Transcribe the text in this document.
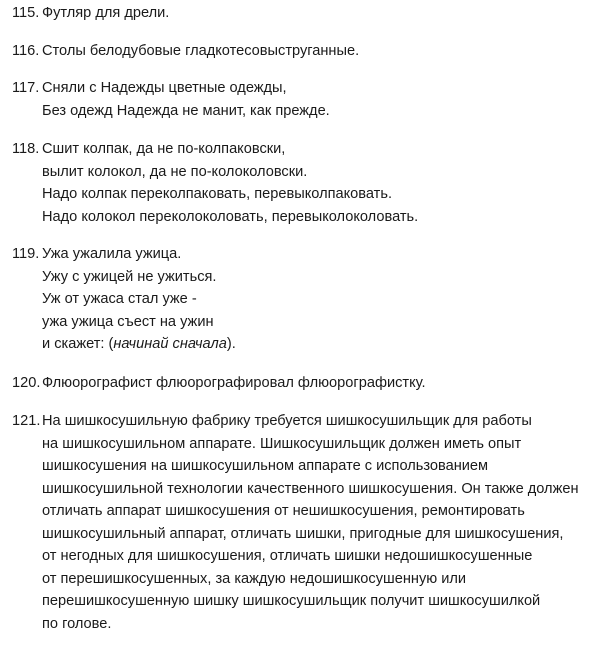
115. Футляр для дрели.
116. Столы белодубовые гладкотесовыструганные.
117. Сняли с Надежды цветные одежды,
Без одежд Надежда не манит, как прежде.
118. Сшит колпак, да не по-колпаковски,
вылит колокол, да не по-колоколовски.
Надо колпак переколпаковать, перевыколпаковать.
Надо колокол переколоколовать, перевыколоколовать.
119. Ужа ужалила ужица.
Ужу с ужицей не ужиться.
Уж от ужаса стал уже -
ужа ужица съест на ужин
и скажет: (начинай сначала).
120. Флюорографист флюорографировал флюорографистку.
121. На шишкосушильную фабрику требуется шишкосушильщик для работы
на шишкосушильном аппарате. Шишкосушильщик должен иметь опыт
шишкосушения на шишкосушильном аппарате с использованием
шишкосушильной технологии качественного шишкосушения. Он также должен
отличать аппарат шишкосушения от нешишкосушения, ремонтировать
шишкосушильный аппарат, отличать шишки, пригодные для шишкосушения,
от негодных для шишкосушения, отличать шишки недошишкосушенные
от перешишкосушенных, за каждую недошишкосушенную или
перешишкосушенную шишку шишкосушильщик получит шишкосушилкой
по голове.
